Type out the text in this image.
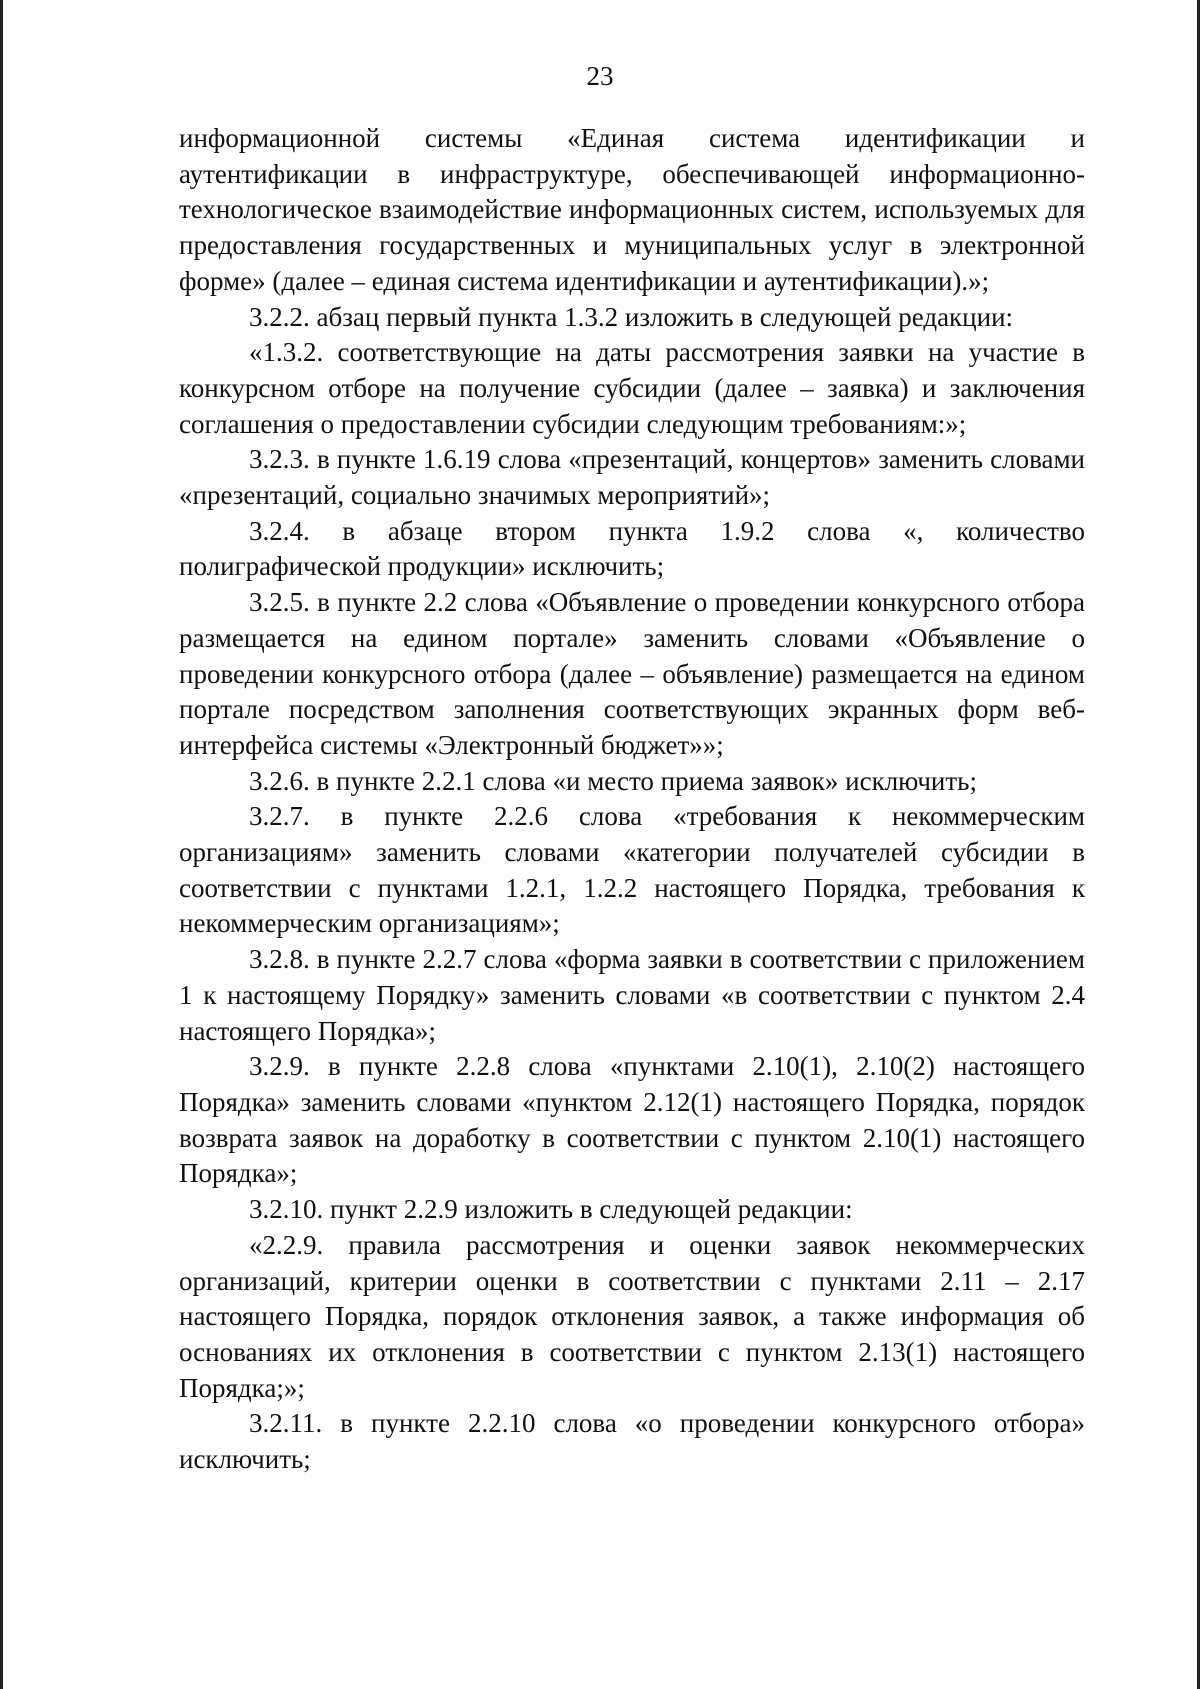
23

информационной системы «Единая система идентификации и аутентификации в инфраструктуре, обеспечивающей информационно-технологическое взаимодействие информационных систем, используемых для предоставления государственных и муниципальных услуг в электронной форме» (далее – единая система идентификации и аутентификации).»;

3.2.2. абзац первый пункта 1.3.2 изложить в следующей редакции:

«1.3.2. соответствующие на даты рассмотрения заявки на участие в конкурсном отборе на получение субсидии (далее – заявка) и заключения соглашения о предоставлении субсидии следующим требованиям:»;

3.2.3. в пункте 1.6.19 слова «презентаций, концертов» заменить словами «презентаций, социально значимых мероприятий»;

3.2.4. в абзаце втором пункта 1.9.2 слова «, количество полиграфической продукции» исключить;

3.2.5. в пункте 2.2 слова «Объявление о проведении конкурсного отбора размещается на едином портале» заменить словами «Объявление о проведении конкурсного отбора (далее – объявление) размещается на едином портале посредством заполнения соответствующих экранных форм веб-интерфейса системы «Электронный бюджет»»;

3.2.6. в пункте 2.2.1 слова «и место приема заявок» исключить;

3.2.7. в пункте 2.2.6 слова «требования к некоммерческим организациям» заменить словами «категории получателей субсидии в соответствии с пунктами 1.2.1, 1.2.2 настоящего Порядка, требования к некоммерческим организациям»;

3.2.8. в пункте 2.2.7 слова «форма заявки в соответствии с приложением 1 к настоящему Порядку» заменить словами «в соответствии с пунктом 2.4 настоящего Порядка»;

3.2.9. в пункте 2.2.8 слова «пунктами 2.10(1), 2.10(2) настоящего Порядка» заменить словами «пунктом 2.12(1) настоящего Порядка, порядок возврата заявок на доработку в соответствии с пунктом 2.10(1) настоящего Порядка»;

3.2.10. пункт 2.2.9 изложить в следующей редакции:

«2.2.9. правила рассмотрения и оценки заявок некоммерческих организаций, критерии оценки в соответствии с пунктами 2.11 – 2.17 настоящего Порядка, порядок отклонения заявок, а также информация об основаниях их отклонения в соответствии с пунктом 2.13(1) настоящего Порядка;»;

3.2.11. в пункте 2.2.10 слова «о проведении конкурсного отбора» исключить;
